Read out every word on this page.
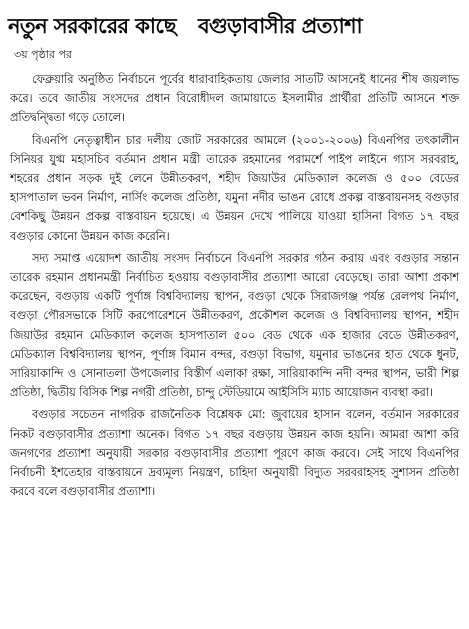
নতুন সরকারের কাছে বগুড়াবাসীর প্রত্যাশা
৩য় পৃষ্ঠার পর

ফেব্রুয়ারি অনুষ্ঠিত নির্বাচনে পূর্বের ধারাবাহিকতায় জেলার সাতটি আসনেই ধানের শীষ জয়লাভ করে। তবে জাতীয় সংসদের প্রধান বিরোধীদল জামায়াতে ইসলামীর প্রার্থীরা প্রতিটি আসনে শক্ত প্রতিদ্বন্দ্বিতা গড়ে তোলে।

বিএনপি নেতৃত্বাধীন চার দলীয় জোট সরকারের আমলে (২০০১-২০০৬) বিএনপির তৎকালীন সিনিয়র যুগ্ম মহাসচিব বর্তমান প্রধান মন্ত্রী তারেক রহমানের পরামর্শে পাইপ লাইনে গ্যাস সরবরাহ, শহরের প্রধান সড়ক দুই লেনে উন্নীতকরণ, শহীদ জিয়াউর মেডিক্যাল কলেজ ও ৫০০ বেডের হাসপাতাল ভবন নির্মাণ, নার্সিং কলেজ প্রতিষ্ঠা, যমুনা নদীর ভাঙন রোধে প্রকল্প বাস্তবায়নসহ বগুড়ার বেশকিছু উন্নয়ন প্রকল্প বাস্তবায়ন হয়েছে। এ উন্নয়ন দেখে পালিয়ে যাওয়া হাসিনা বিগত ১৭ বছর বগুড়ার কোনো উন্নয়ন কাজ করেনি।

সদ্য সমাপ্ত এয়োদশ জাতীয় সংসদ নির্বাচনে বিএনপি সরকার গঠন করায় এবং বগুড়ার সন্তান তারেক রহমান প্রধানমন্ত্রী নির্বাচিত হওয়ায় বগুড়াবাসীর প্রত্যাশা আরো বেড়েছে। তারা আশা প্রকাশ করেছেন, বগুড়ায় একটি পূর্ণাঙ্গ বিশ্ববিদ্যালয় স্থাপন, বগুড়া থেকে সিরাজগঞ্জ পর্যন্ত রেলপথ নির্মাণ, বগুড়া পৌরসভাকে সিটি করপোরেশনে উন্নীতকরণ, প্রকৌশল কলেজ ও বিশ্ববিদ্যালয় স্থাপন, শহীদ জিয়াউর রহমান মেডিক্যাল কলেজ হাসপাতাল ৫০০ বেড থেকে এক হাজার বেডে উন্নীতকরণ, মেডিক্যাল বিশ্ববিদ্যালয় স্থাপন, পূর্ণাঙ্গ বিমান বন্দর, বগুড়া বিভাগ, যমুনার ভাঙনের হাত থেকে ধুনট, সারিয়াকান্দি ও সোনাতলা উপজেলার বিস্তীর্ণ এলাকা রক্ষা, সারিয়াকান্দি নদী বন্দর স্থাপন, ভারী শিল্প প্রতিষ্ঠা, দ্বিতীয় বিসিক শিল্প নগরী প্রতিষ্ঠা, চান্দু স্টেডিয়ামে আইসিসি ম্যাচ আয়োজন ব্যবস্থা করা।

বগুড়ার সচেতন নাগরিক রাজনৈতিক বিশ্লেষক মো: জুবায়ের হাসান বলেন, বর্তমান সরকারের নিকট বগুড়াবাসীর প্রত্যাশা অনেক। বিগত ১৭ বছর বগুড়ায় উন্নয়ন কাজ হয়নি। আমরা আশা করি জনগণের প্রত্যাশা অনুযায়ী সরকার বগুড়াবাসীর প্রত্যাশা পূরণে কাজ করবে। সেই সাথে বিএনপির নির্বাচনী ইশতেহার বাস্তবায়নে দ্রব্যমূল্য নিয়ন্ত্রণ, চাহিদা অনুযায়ী বিদ্যুত সরবরাহসহ সুশাসন প্রতিষ্ঠা করবে বলে বগুড়াবাসীর প্রত্যাশা।
